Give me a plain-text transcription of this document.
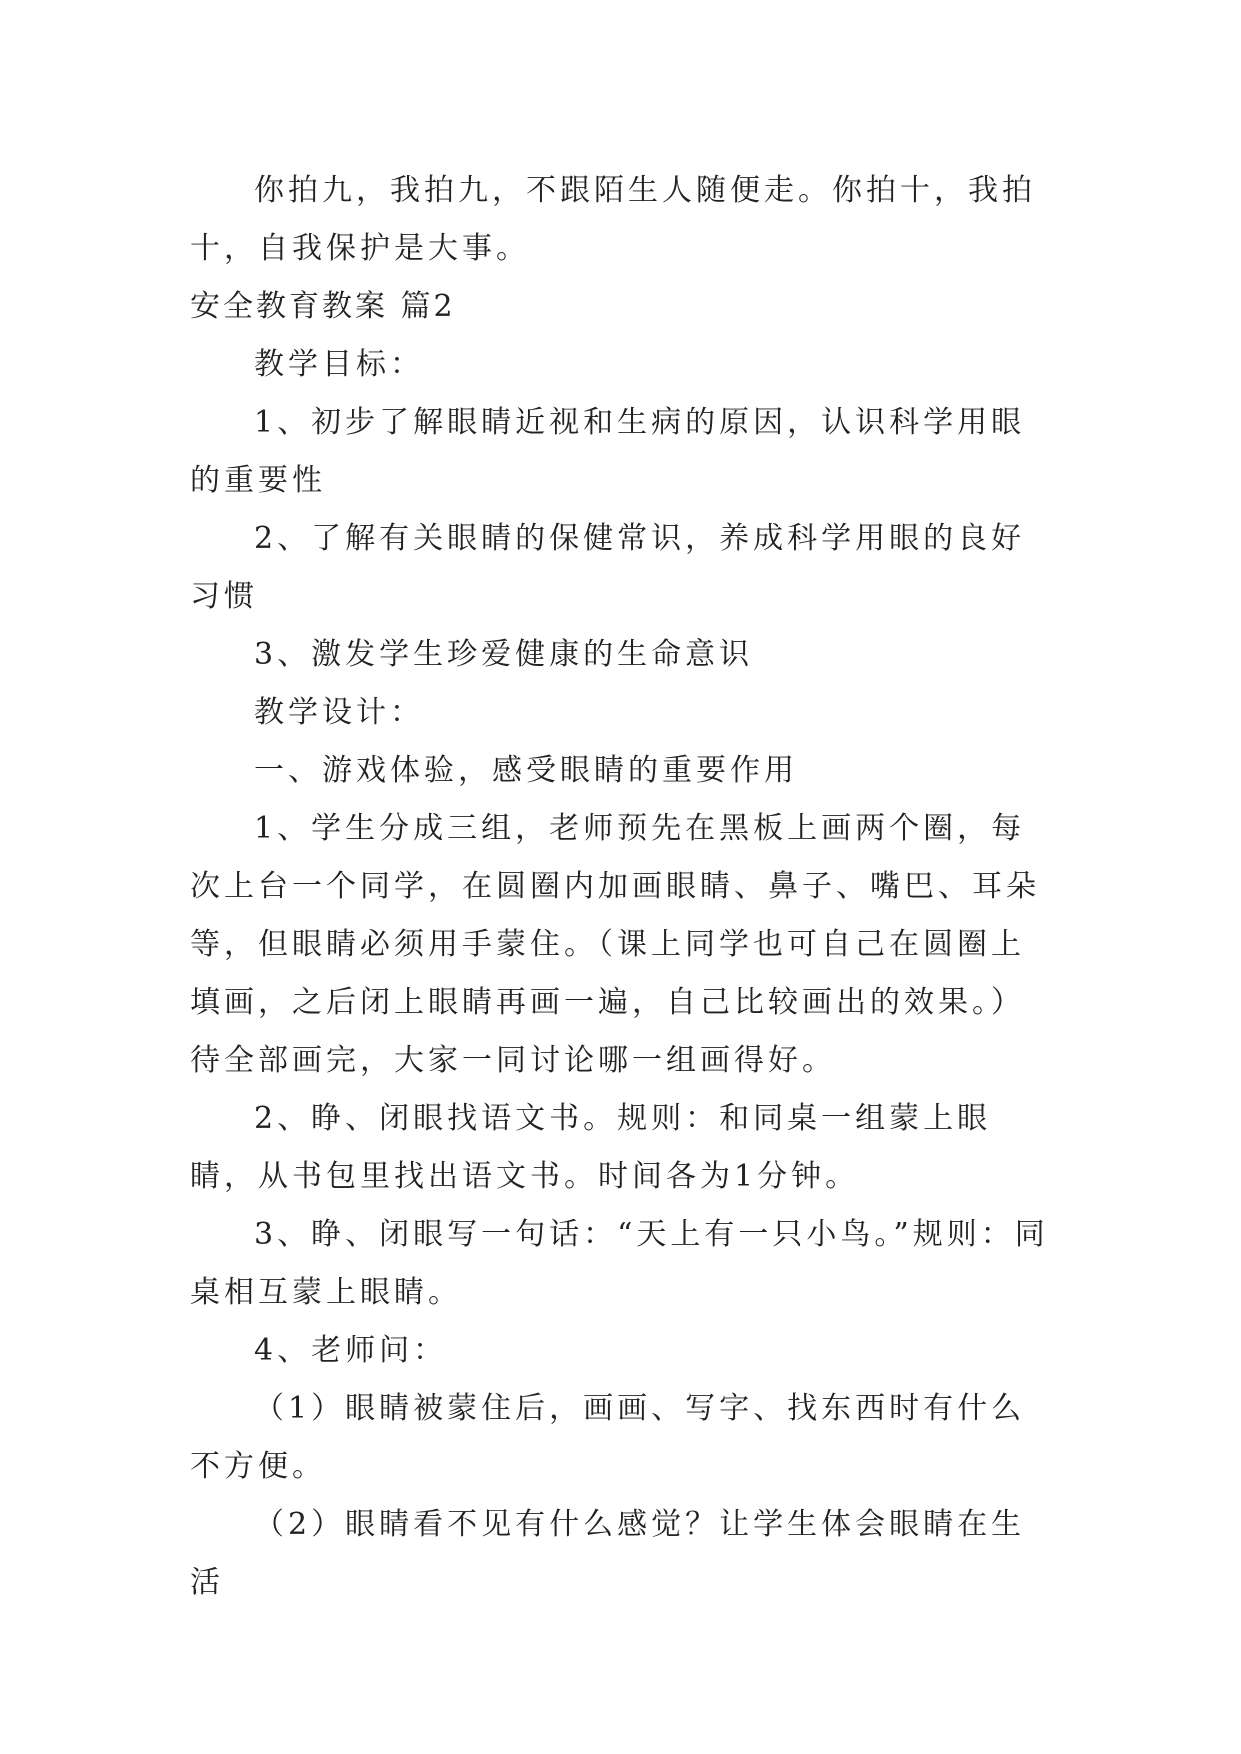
你拍九，我拍九，不跟陌生人随便走。你拍十，我拍十，自我保护是大事。

安全教育教案 篇2

教学目标：

1、初步了解眼睛近视和生病的原因，认识科学用眼的重要性

2、了解有关眼睛的保健常识，养成科学用眼的良好习惯

3、激发学生珍爱健康的生命意识

教学设计：

一、游戏体验，感受眼睛的重要作用

1、学生分成三组，老师预先在黑板上画两个圈，每次上台一个同学，在圆圈内加画眼睛、鼻子、嘴巴、耳朵等，但眼睛必须用手蒙住。（课上同学也可自己在圆圈上填画，之后闭上眼睛再画一遍，自己比较画出的效果。）待全部画完，大家一同讨论哪一组画得好。

2、睁、闭眼找语文书。规则：和同桌一组蒙上眼睛，从书包里找出语文书。时间各为1分钟。

3、睁、闭眼写一句话：“天上有一只小鸟。”规则：同桌相互蒙上眼睛。

4、老师问：

（1）眼睛被蒙住后，画画、写字、找东西时有什么不方便。

（2）眼睛看不见有什么感觉？让学生体会眼睛在生活
